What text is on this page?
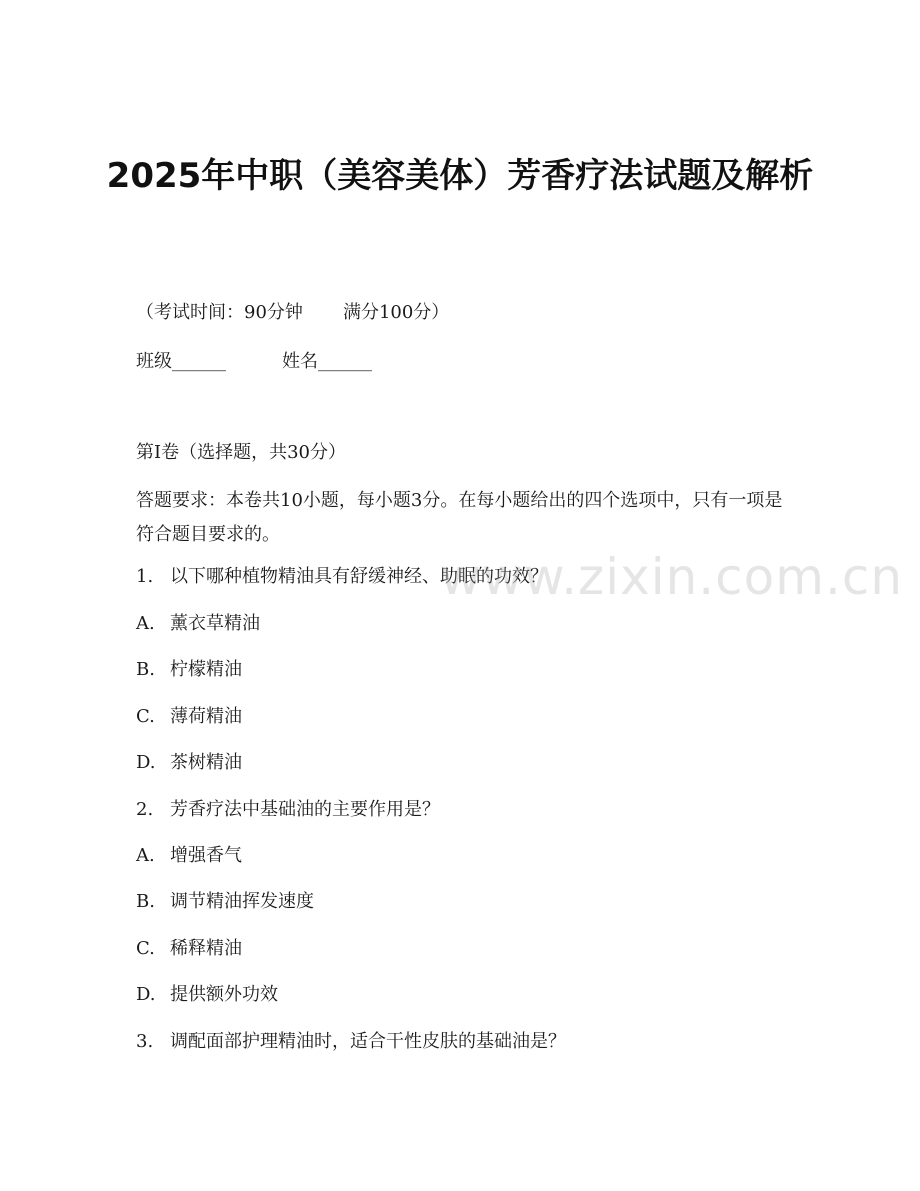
2025年中职（美容美体）芳香疗法试题及解析

（考试时间：90分钟       满分100分）

班级______	姓名______

第I卷（选择题，共30分）

答题要求：本卷共10小题，每小题3分。在每小题给出的四个选项中，只有一项是符合题目要求的。

1. 以下哪种植物精油具有舒缓神经、助眠的功效？

A. 薰衣草精油

B. 柠檬精油

C. 薄荷精油

D. 茶树精油

2. 芳香疗法中基础油的主要作用是？

A. 增强香气

B. 调节精油挥发速度

C. 稀释精油

D. 提供额外功效

3. 调配面部护理精油时，适合干性皮肤的基础油是？

www.zixin.com.cn
